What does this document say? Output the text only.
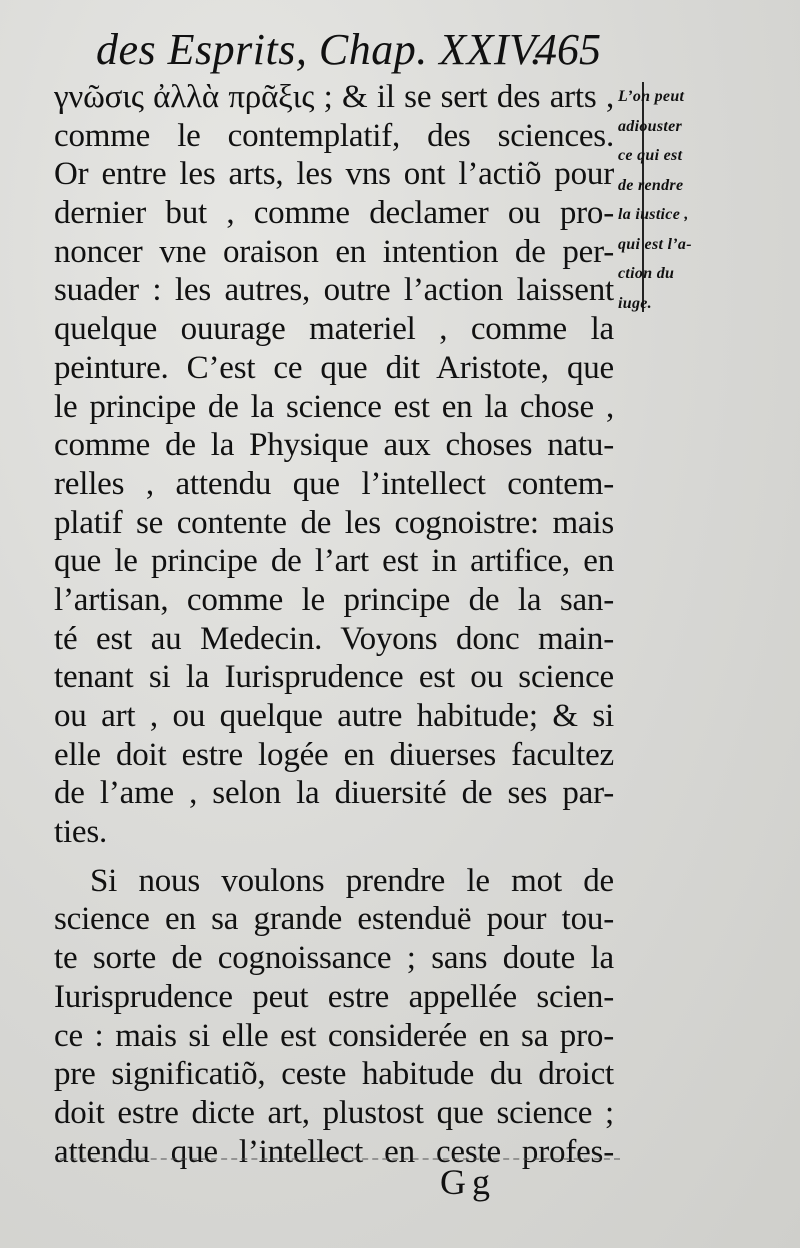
des Esprits, Chap. XXIV.
465
γνῶσις ἀλλὰ πρᾶξις ; & il se sert des arts ,
comme le contemplatif, des sciences.
Or entre les arts, les vns ont l’actiõ pour
dernier but , comme declamer ou pro-
noncer vne oraison en intention de per-
suader : les autres, outre l’action laissent
quelque ouurage materiel , comme la
peinture. C’est ce que dit Aristote, que
le principe de la science est en la chose ,
comme de la Physique aux choses natu-
relles , attendu que l’intellect contem-
platif se contente de les cognoistre: mais
que le principe de l’art est in artifice, en
l’artisan, comme le principe de la san-
té est au Medecin. Voyons donc main-
tenant si la Iurisprudence est ou science
ou art , ou quelque autre habitude; & si
elle doit estre logée en diuerses facultez
de l’ame , selon la diuersité de ses par-
ties.
Si nous voulons prendre le mot de
science en sa grande estenduë pour tou-
te sorte de cognoissance ; sans doute la
Iurisprudence peut estre appellée scien-
ce : mais si elle est considerée en sa pro-
pre significatiõ, ceste habitude du droict
doit estre dicte art, plustost que science ;
attendu que l’intellect en ceste profes-
L’on peut
adiouster
ce qui est
de rendre
la iustice ,
qui est l’a-
ction du
iuge.
Gg
